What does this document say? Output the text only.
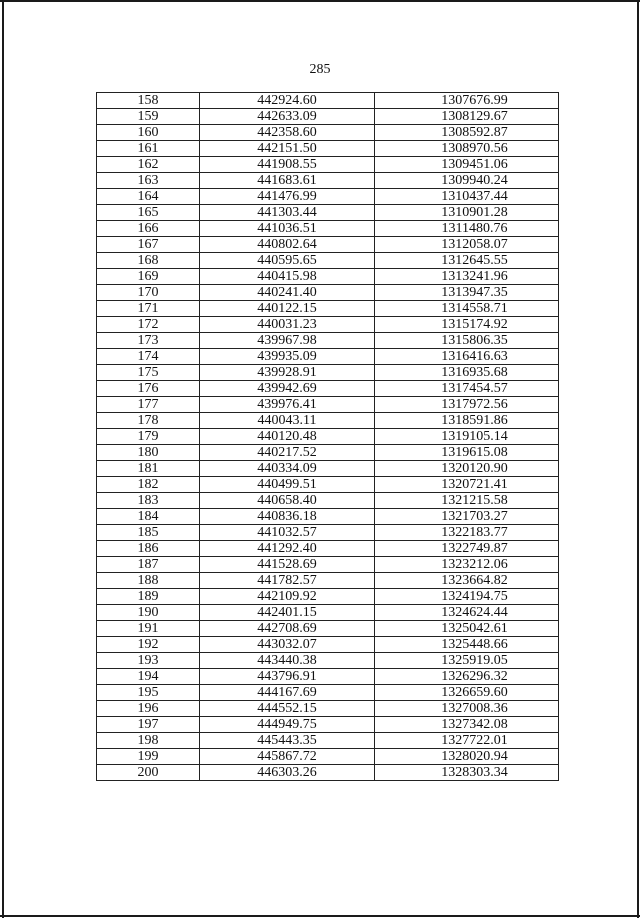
285
158	442924.60	1307676.99
159	442633.09	1308129.67
160	442358.60	1308592.87
161	442151.50	1308970.56
162	441908.55	1309451.06
163	441683.61	1309940.24
164	441476.99	1310437.44
165	441303.44	1310901.28
166	441036.51	1311480.76
167	440802.64	1312058.07
168	440595.65	1312645.55
169	440415.98	1313241.96
170	440241.40	1313947.35
171	440122.15	1314558.71
172	440031.23	1315174.92
173	439967.98	1315806.35
174	439935.09	1316416.63
175	439928.91	1316935.68
176	439942.69	1317454.57
177	439976.41	1317972.56
178	440043.11	1318591.86
179	440120.48	1319105.14
180	440217.52	1319615.08
181	440334.09	1320120.90
182	440499.51	1320721.41
183	440658.40	1321215.58
184	440836.18	1321703.27
185	441032.57	1322183.77
186	441292.40	1322749.87
187	441528.69	1323212.06
188	441782.57	1323664.82
189	442109.92	1324194.75
190	442401.15	1324624.44
191	442708.69	1325042.61
192	443032.07	1325448.66
193	443440.38	1325919.05
194	443796.91	1326296.32
195	444167.69	1326659.60
196	444552.15	1327008.36
197	444949.75	1327342.08
198	445443.35	1327722.01
199	445867.72	1328020.94
200	446303.26	1328303.34
